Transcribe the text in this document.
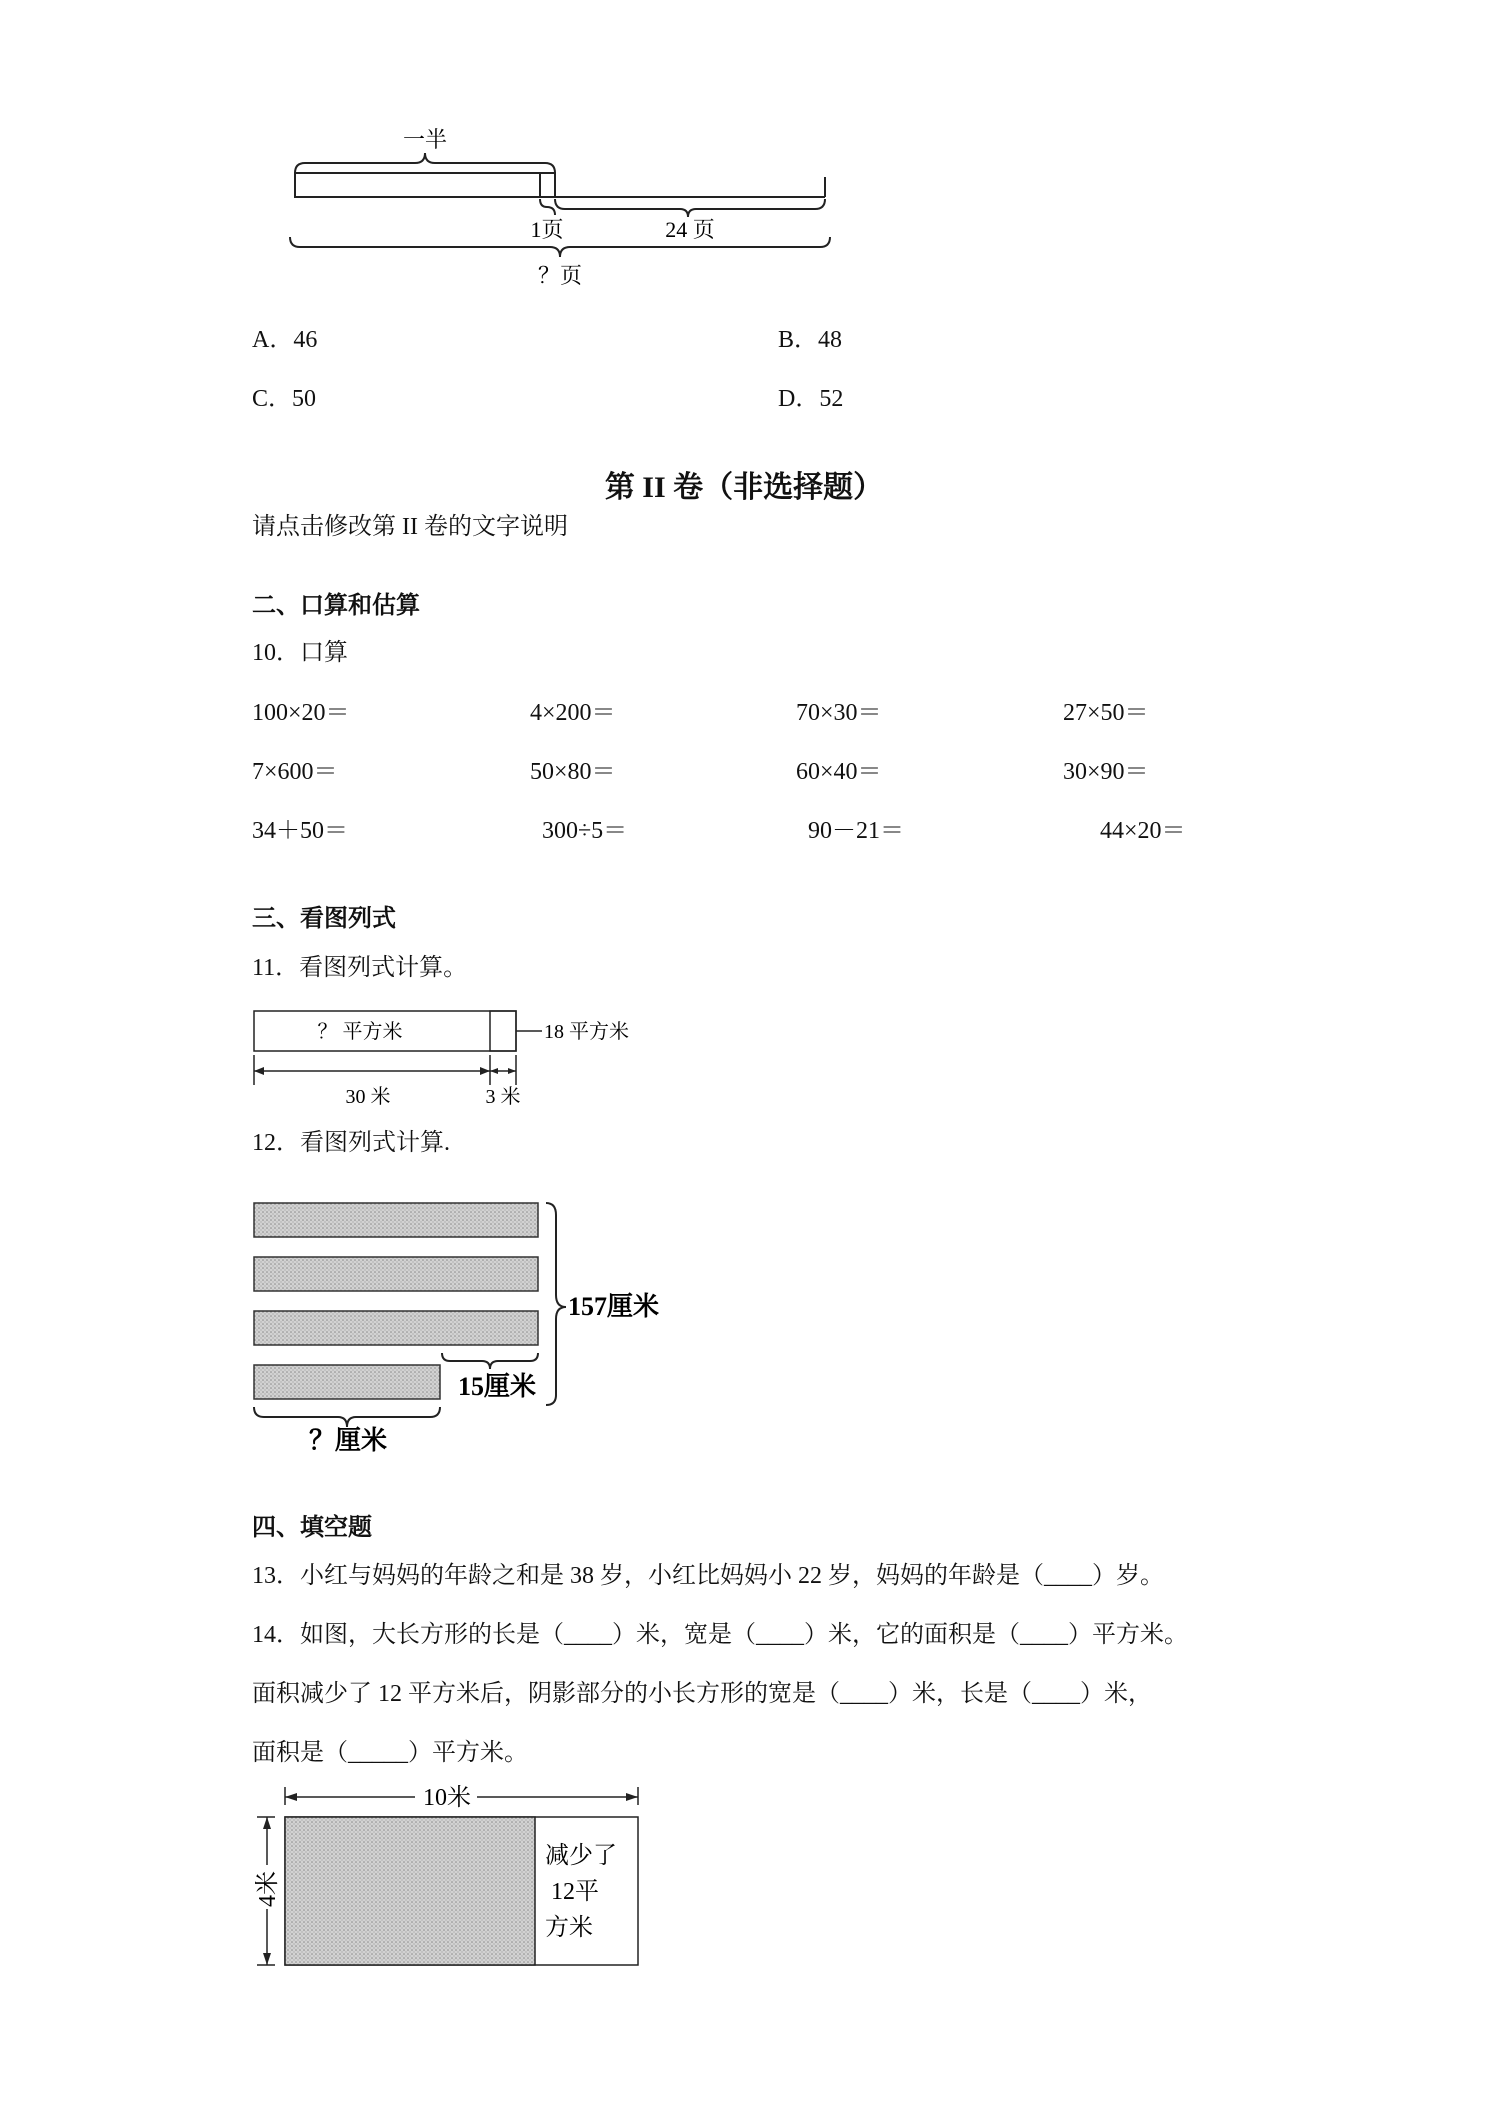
一半
1页	24 页
？页
A．46	B．48
C．50	D．52
第 II 卷（非选择题）
请点击修改第 II 卷的文字说明
二、口算和估算
10．口算
100×20＝	4×200＝	70×30＝	27×50＝
7×600＝	50×80＝	60×40＝	30×90＝
34＋50＝	300÷5＝	90－21＝	44×20＝
三、看图列式
11．看图列式计算。
？ 平方米	18 平方米
30 米	3 米
12．看图列式计算.
157厘米
15厘米
？厘米
四、填空题
13．小红与妈妈的年龄之和是 38 岁，小红比妈妈小 22 岁，妈妈的年龄是（____）岁。
14．如图，大长方形的长是（____）米，宽是（____）米，它的面积是（____）平方米。
面积减少了 12 平方米后，阴影部分的小长方形的宽是（____）米，长是（____）米，
面积是（_____）平方米。
10米
4米
减少了
12平
方米
